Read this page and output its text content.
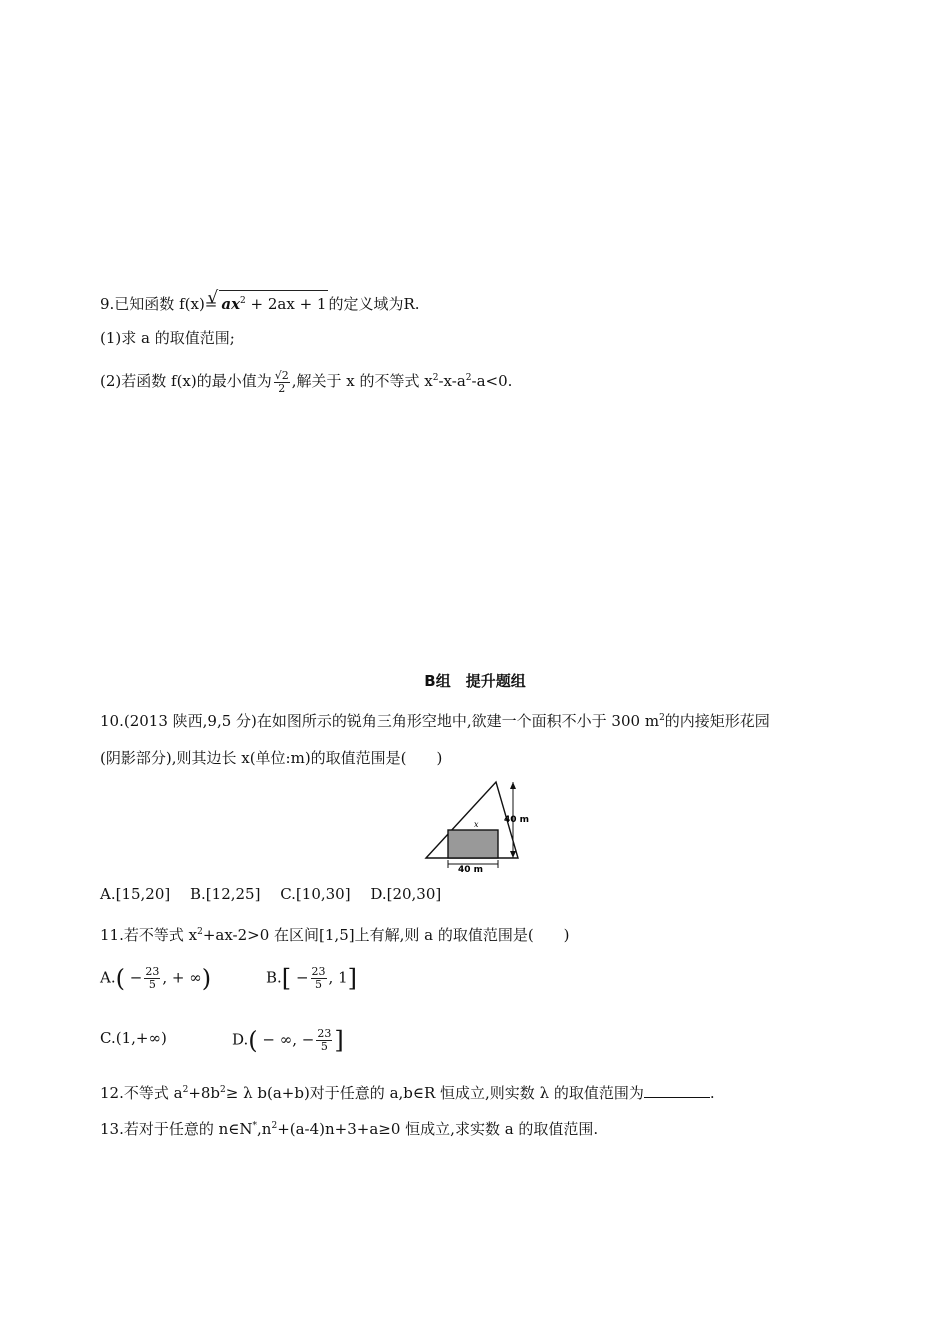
9.已知函数 f(x)=√ $ax^2 + 2ax + 1$ 的定义域为R.
(1)求 a 的取值范围;
(2)若函数 f(x)的最小值为 $\frac{√2}{2}$ ,解关于 x 的不等式 $x^2-x-a^2-a<0$.
B组　提升题组
10.(2013 陕西,9,5 分)在如图所示的锐角三角形空地中,欲建一个面积不小于 300 $m^2$的内接矩形花园
(阴影部分),则其边长 x(单位:m)的取值范围是(　　)
40 m
40 m
x
A.[15,20]　 B.[12,25]　 C.[10,30]　 D.[20,30]
11.若不等式 $x^2+ax-2>0$ 在区间[1,5]上有解,则 a 的取值范围是(　　)
$A.( - \frac{23}{5}$ , + ∞)	$B.[ - \frac{23}{5}$ , 1]
C.(1,+∞)	D.( − ∞, − $\frac{23}{5}$ ]
12.不等式 $a^2+8b^2\ge \lambda$ b(a+b)对于任意的 a,b∈R 恒成立,则实数 λ 的取值范围为	.
13.若对于任意的 $n\in N^*,n^2+(a-4)n+3+a\ge 0$ 恒成立,求实数 a 的取值范围.
